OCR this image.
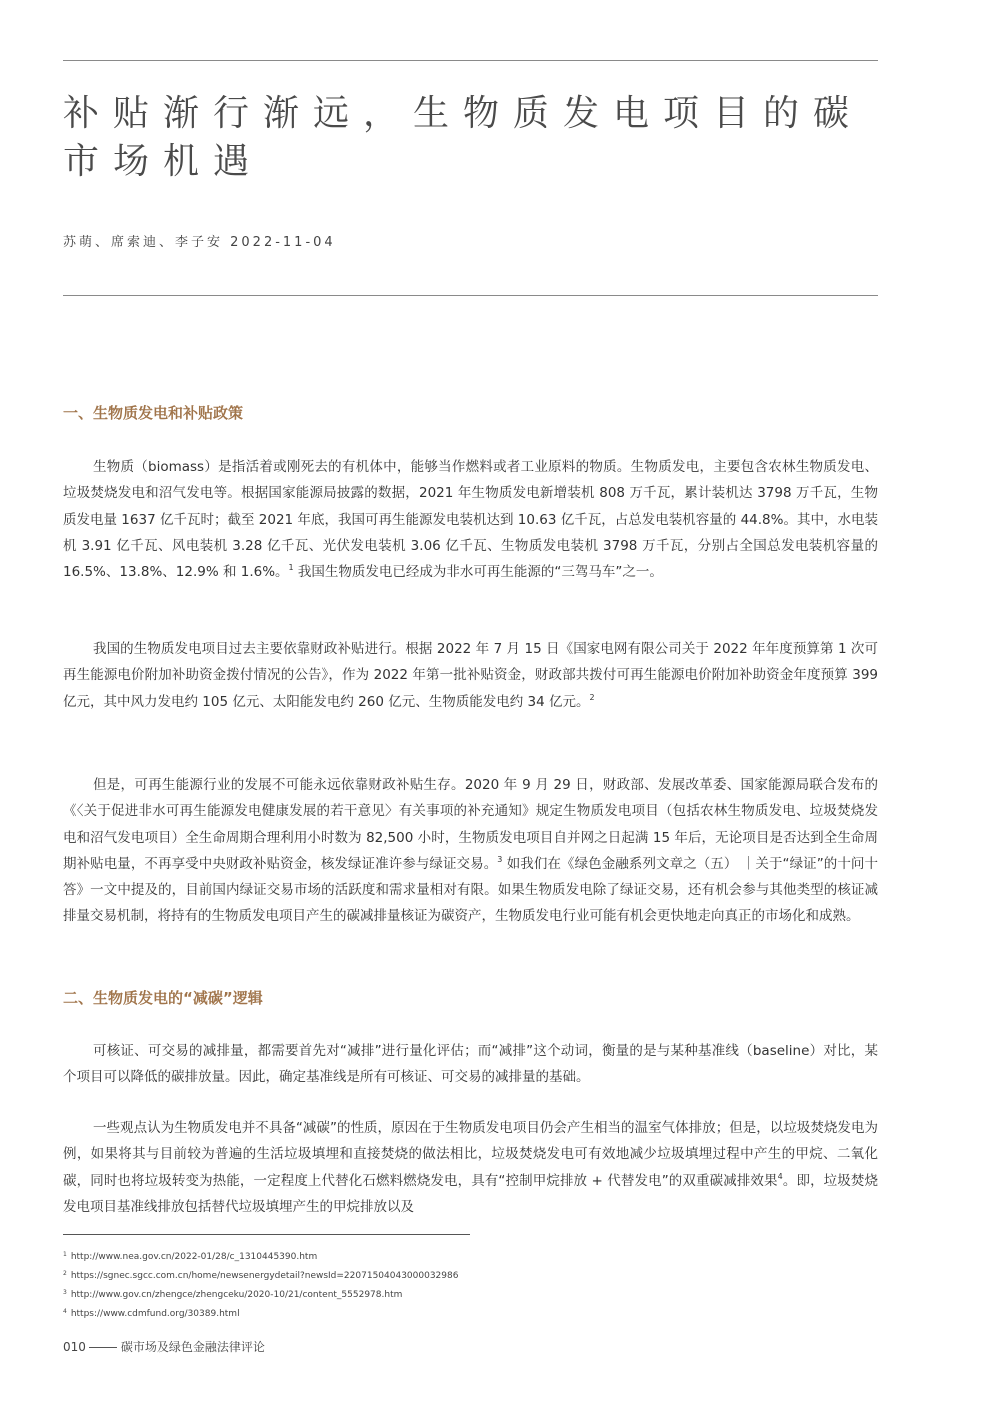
补贴渐行渐远，生物质发电项目的碳市场机遇
苏萌、席索迪、李子安 2022-11-04
一、生物质发电和补贴政策

生物质（biomass）是指活着或刚死去的有机体中，能够当作燃料或者工业原料的物质。生物质发电，主要包含农林生物质发电、垃圾焚烧发电和沼气发电等。根据国家能源局披露的数据，2021 年生物质发电新增装机 808 万千瓦，累计装机达 3798 万千瓦，生物质发电量 1637 亿千瓦时；截至 2021 年底，我国可再生能源发电装机达到 10.63 亿千瓦，占总发电装机容量的 44.8%。其中，水电装机 3.91 亿千瓦、风电装机 3.28 亿千瓦、光伏发电装机 3.06 亿千瓦、生物质发电装机 3798 万千瓦，分别占全国总发电装机容量的 16.5%、13.8%、12.9% 和 1.6%。$^1$ 我国生物质发电已经成为非水可再生能源的“三驾马车”之一。

我国的生物质发电项目过去主要依靠财政补贴进行。根据 2022 年 7 月 15 日《国家电网有限公司关于 2022 年年度预算第 1 次可再生能源电价附加补助资金拨付情况的公告》，作为 2022 年第一批补贴资金，财政部共拨付可再生能源电价附加补助资金年度预算 399 亿元，其中风力发电约 105 亿元、太阳能发电约 260 亿元、生物质能发电约 34 亿元。$^2$

但是，可再生能源行业的发展不可能永远依靠财政补贴生存。2020 年 9 月 29 日，财政部、发展改革委、国家能源局联合发布的《〈关于促进非水可再生能源发电健康发展的若干意见〉有关事项的补充通知》规定生物质发电项目（包括农林生物质发电、垃圾焚烧发电和沼气发电项目）全生命周期合理利用小时数为 82,500 小时，生物质发电项目自并网之日起满 15 年后，无论项目是否达到全生命周期补贴电量，不再享受中央财政补贴资金，核发绿证准许参与绿证交易。$^3$ 如我们在《绿色金融系列文章之（五） ｜关于“绿证”的十问十答》一文中提及的，目前国内绿证交易市场的活跃度和需求量相对有限。如果生物质发电除了绿证交易，还有机会参与其他类型的核证减排量交易机制，将持有的生物质发电项目产生的碳减排量核证为碳资产，生物质发电行业可能有机会更快地走向真正的市场化和成熟。

二、生物质发电的“减碳”逻辑

可核证、可交易的减排量，都需要首先对“减排”进行量化评估；而“减排”这个动词，衡量的是与某种基准线（baseline）对比，某个项目可以降低的碳排放量。因此，确定基准线是所有可核证、可交易的减排量的基础。

一些观点认为生物质发电并不具备“减碳”的性质，原因在于生物质发电项目仍会产生相当的温室气体排放；但是，以垃圾焚烧发电为例，如果将其与目前较为普遍的生活垃圾填埋和直接焚烧的做法相比，垃圾焚烧发电可有效地减少垃圾填埋过程中产生的甲烷、二氧化碳，同时也将垃圾转变为热能，一定程度上代替化石燃料燃烧发电，具有“控制甲烷排放 + 代替发电”的双重碳减排效果$^4$。即，垃圾焚烧发电项目基准线排放包括替代垃圾填埋产生的甲烷排放以及

$^1$ http://www.nea.gov.cn/2022-01/28/c_1310445390.htm
$^2$ https://sgnec.sgcc.com.cn/home/newsenergydetail?newsId=22071504043000032986
$^3$ http://www.gov.cn/zhengce/zhengceku/2020-10/21/content_5552978.htm
$^4$ https://www.cdmfund.org/30389.html
010	碳市场及绿色金融法律评论
